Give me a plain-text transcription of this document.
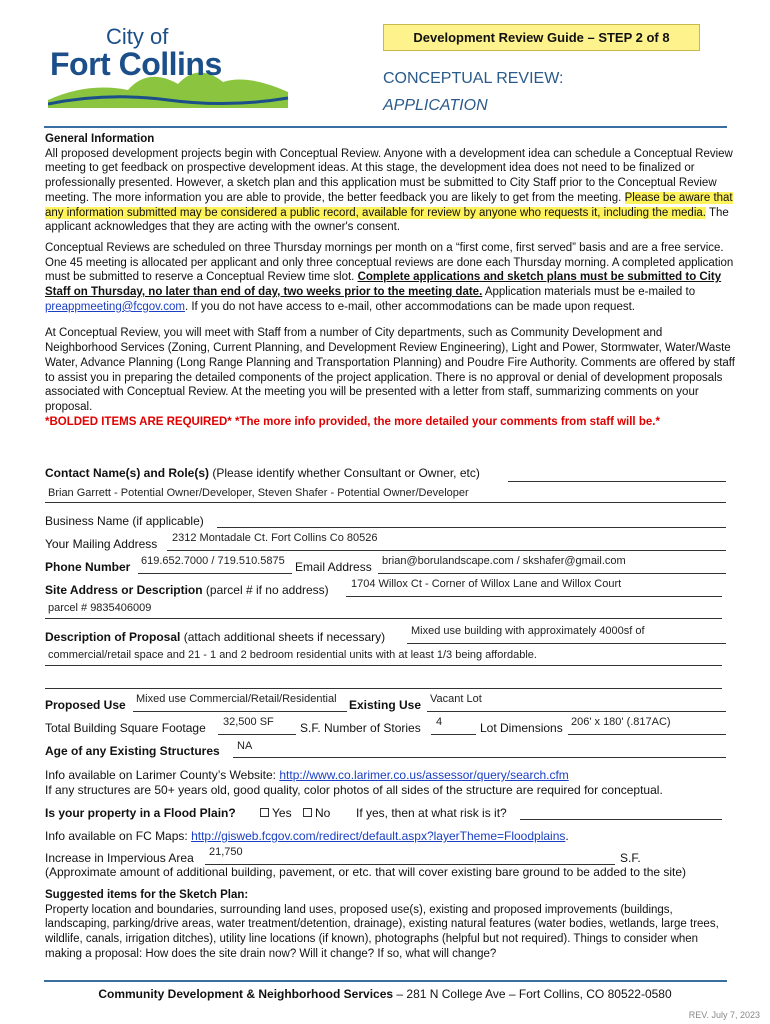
City of
Fort Collins
Development Review Guide – STEP 2 of 8
CONCEPTUAL REVIEW:
APPLICATION

General Information

All proposed development projects begin with Conceptual Review. Anyone with a development idea can schedule a Conceptual Review meeting to get feedback on prospective development ideas. At this stage, the development idea does not need to be finalized or professionally presented. However, a sketch plan and this application must be submitted to City Staff prior to the Conceptual Review meeting. The more information you are able to provide, the better feedback you are likely to get from the meeting. Please be aware that any information submitted may be considered a public record, available for review by anyone who requests it, including the media. The applicant acknowledges that they are acting with the owner's consent.

Conceptual Reviews are scheduled on three Thursday mornings per month on a “first come, first served” basis and are a free service. One 45 meeting is allocated per applicant and only three conceptual reviews are done each Thursday morning. A completed application must be submitted to reserve a Conceptual Review time slot. Complete applications and sketch plans must be submitted to City Staff on Thursday, no later than end of day, two weeks prior to the meeting date. Application materials must be e-mailed to preappmeeting@fcgov.com. If you do not have access to e-mail, other accommodations can be made upon request.

At Conceptual Review, you will meet with Staff from a number of City departments, such as Community Development and Neighborhood Services (Zoning, Current Planning, and Development Review Engineering), Light and Power, Stormwater, Water/Waste Water, Advance Planning (Long Range Planning and Transportation Planning) and Poudre Fire Authority. Comments are offered by staff to assist you in preparing the detailed components of the project application. There is no approval or denial of development proposals associated with Conceptual Review. At the meeting you will be presented with a letter from staff, summarizing comments on your proposal.

*BOLDED ITEMS ARE REQUIRED* *The more info provided, the more detailed your comments from staff will be.*

Contact Name(s) and Role(s) (Please identify whether Consultant or Owner, etc)
Brian Garrett - Potential Owner/Developer, Steven Shafer - Potential Owner/Developer
Business Name (if applicable)
Your Mailing Address 2312 Montadale Ct. Fort Collins Co 80526
Phone Number 619.652.7000 / 719.510.5875 Email Address brian@borulandscape.com / skshafer@gmail.com
Site Address or Description (parcel # if no address) 1704 Willox Ct - Corner of Willox Lane and Willox Court
parcel # 9835406009
Description of Proposal (attach additional sheets if necessary) Mixed use building with approximately 4000sf of
commercial/retail space and 21 - 1 and 2 bedroom residential units with at least 1/3 being affordable.
Proposed Use Mixed use Commercial/Retail/Residential Existing Use Vacant Lot
Total Building Square Footage 32,500 SF S.F. Number of Stories 4	Lot Dimensions 206' x 180' (.817AC)
Age of any Existing Structures NA
Info available on Larimer County’s Website: http://www.co.larimer.co.us/assessor/query/search.cfm
If any structures are 50+ years old, good quality, color photos of all sides of the structure are required for conceptual.
Is your property in a Flood Plain?	Yes	No If yes, then at what risk is it?
Info available on FC Maps: http://gisweb.fcgov.com/redirect/default.aspx?layerTheme=Floodplains.
Increase in Impervious Area 21,750	S.F.
(Approximate amount of additional building, pavement, or etc. that will cover existing bare ground to be added to the site)

Suggested items for the Sketch Plan:

Property location and boundaries, surrounding land uses, proposed use(s), existing and proposed improvements (buildings, landscaping, parking/drive areas, water treatment/detention, drainage), existing natural features (water bodies, wetlands, large trees, wildlife, canals, irrigation ditches), utility line locations (if known), photographs (helpful but not required). Things to consider when making a proposal: How does the site drain now? Will it change? If so, what will change?

Community Development & Neighborhood Services – 281 N College Ave – Fort Collins, CO 80522-0580
REV. July 7, 2023
